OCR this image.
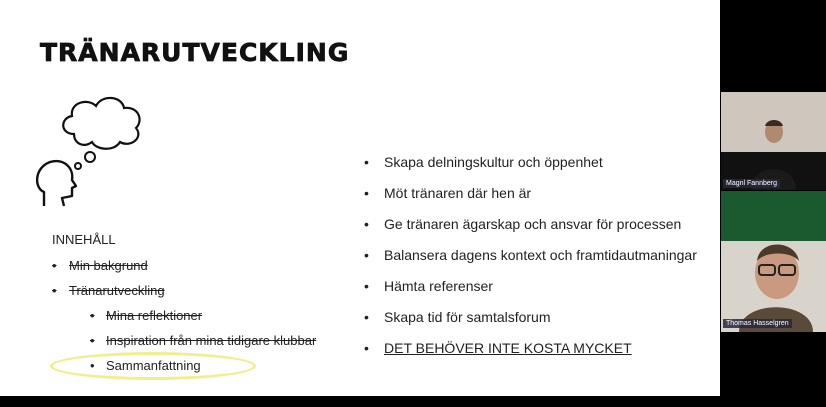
TRÄNARUTVECKLING
INNEHÅLL
• Min bakgrund
• Tränarutveckling
• Mina reflektioner
• Inspiration från mina tidigare klubbar
• Sammanfattning
• Skapa delningskultur och öppenhet
• Möt tränaren där hen är
• Ge tränaren ägarskap och ansvar för processen
• Balansera dagens kontext och framtidautmaningar
• Hämta referenser
• Skapa tid för samtalsforum
• DET BEHÖVER INTE KOSTA MYCKET
Magnl Fannberg
Thomas Hasselgren
